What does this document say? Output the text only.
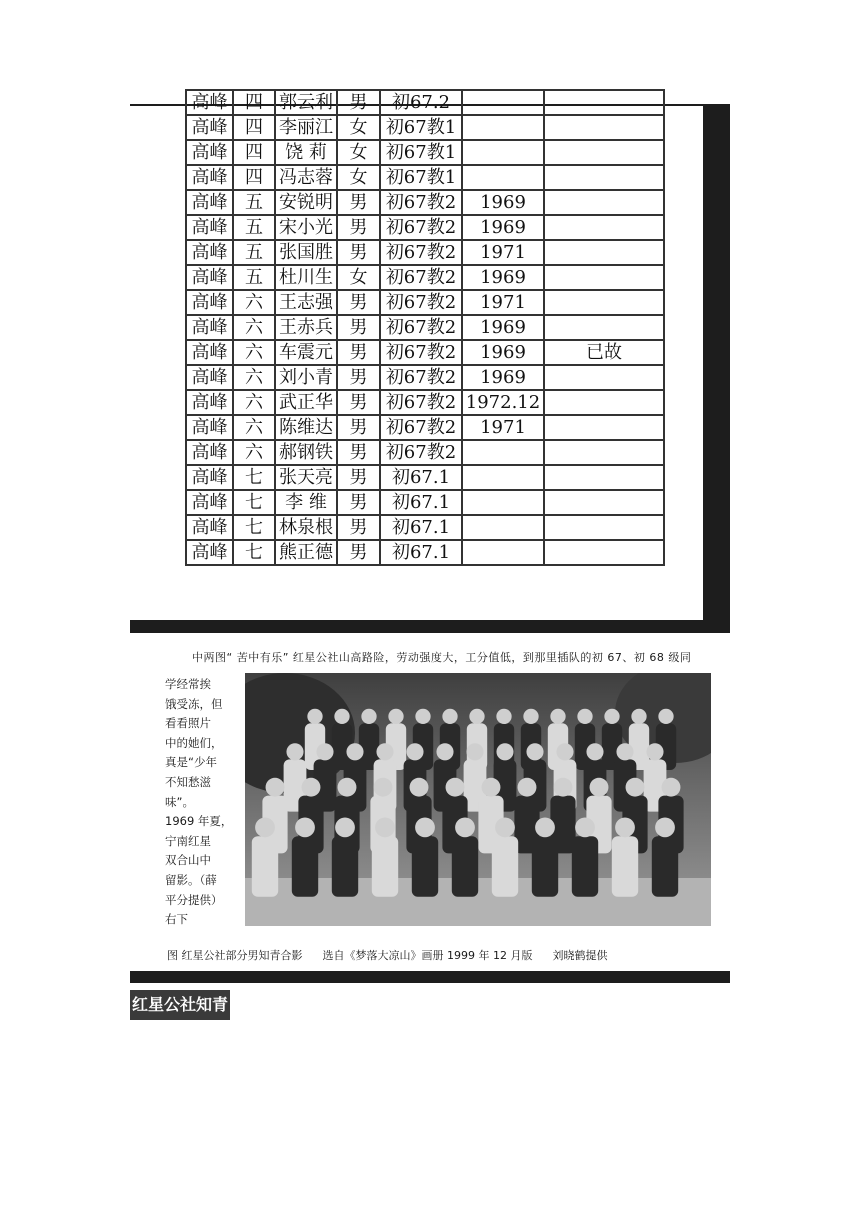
高峰	四	郭云利	男	初67.2		
高峰	四	李丽江	女	初67教1		
高峰	四	饶 莉	女	初67教1		
高峰	四	冯志蓉	女	初67教1		
高峰	五	安锐明	男	初67教2	1969	
高峰	五	宋小光	男	初67教2	1969	
高峰	五	张国胜	男	初67教2	1971	
高峰	五	杜川生	女	初67教2	1969	
高峰	六	王志强	男	初67教2	1971	
高峰	六	王赤兵	男	初67教2	1969	
高峰	六	车震元	男	初67教2	1969	已故
高峰	六	刘小青	男	初67教2	1969	
高峰	六	武正华	男	初67教2	1972.12	
高峰	六	陈维达	男	初67教2	1971	
高峰	六	郝钢铁	男	初67教2		
高峰	七	张天亮	男	初67.1		
高峰	七	李 维	男	初67.1		
高峰	七	林泉根	男	初67.1		
高峰	七	熊正德	男	初67.1		
中两图“ 苦中有乐” 红星公社山高路险，劳动强度大，工分值低，到那里插队的初 67、初 68 级同
学经常挨
饿受冻，但
看看照片
中的她们，
真是“少年
不知愁滋
味”。
1969 年夏，
宁南红星
双合山中
留影。（薛
平分提供）
右下
图 红星公社部分男知青合影 选自《梦落大凉山》画册 1999 年 12 月版 刘晓鹤提供
红星公社知青
